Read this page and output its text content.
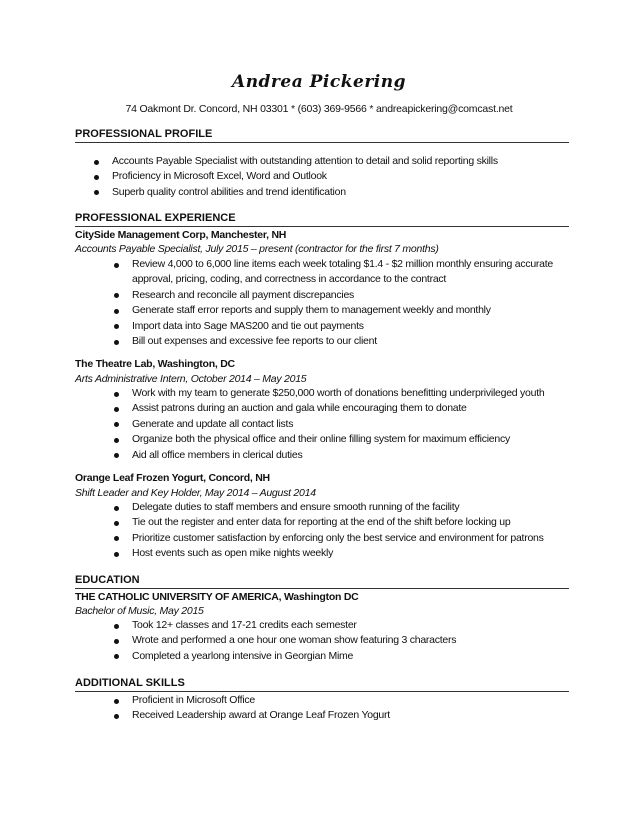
Andrea Pickering
74 Oakmont Dr. Concord, NH 03301 * (603) 369-9566 * andreapickering@comcast.net
PROFESSIONAL PROFILE
Accounts Payable Specialist with outstanding attention to detail and solid reporting skills
Proficiency in Microsoft Excel, Word and Outlook
Superb quality control abilities and trend identification
PROFESSIONAL EXPERIENCE
CitySide Management Corp, Manchester, NH
Accounts Payable Specialist, July 2015 – present (contractor for the first 7 months)
Review 4,000 to 6,000 line items each week totaling $1.4 - $2 million monthly ensuring accurate approval, pricing, coding, and correctness in accordance to the contract
Research and reconcile all payment discrepancies
Generate staff error reports and supply them to management weekly and monthly
Import data into Sage MAS200 and tie out payments
Bill out expenses and excessive fee reports to our client
The Theatre Lab, Washington, DC
Arts Administrative Intern, October 2014 – May 2015
Work with my team to generate $250,000 worth of donations benefitting underprivileged youth
Assist patrons during an auction and gala while encouraging them to donate
Generate and update all contact lists
Organize both the physical office and their online filling system for maximum efficiency
Aid all office members in clerical duties
Orange Leaf Frozen Yogurt, Concord, NH
Shift Leader and Key Holder, May 2014 – August 2014
Delegate duties to staff members and ensure smooth running of the facility
Tie out the register and enter data for reporting at the end of the shift before locking up
Prioritize customer satisfaction by enforcing only the best service and environment for patrons
Host events such as open mike nights weekly
EDUCATION
THE CATHOLIC UNIVERSITY OF AMERICA, Washington DC
Bachelor of Music, May 2015
Took 12+ classes and 17-21 credits each semester
Wrote and performed a one hour one woman show featuring 3 characters
Completed a yearlong intensive in Georgian Mime
ADDITIONAL SKILLS
Proficient in Microsoft Office
Received Leadership award at Orange Leaf Frozen Yogurt
